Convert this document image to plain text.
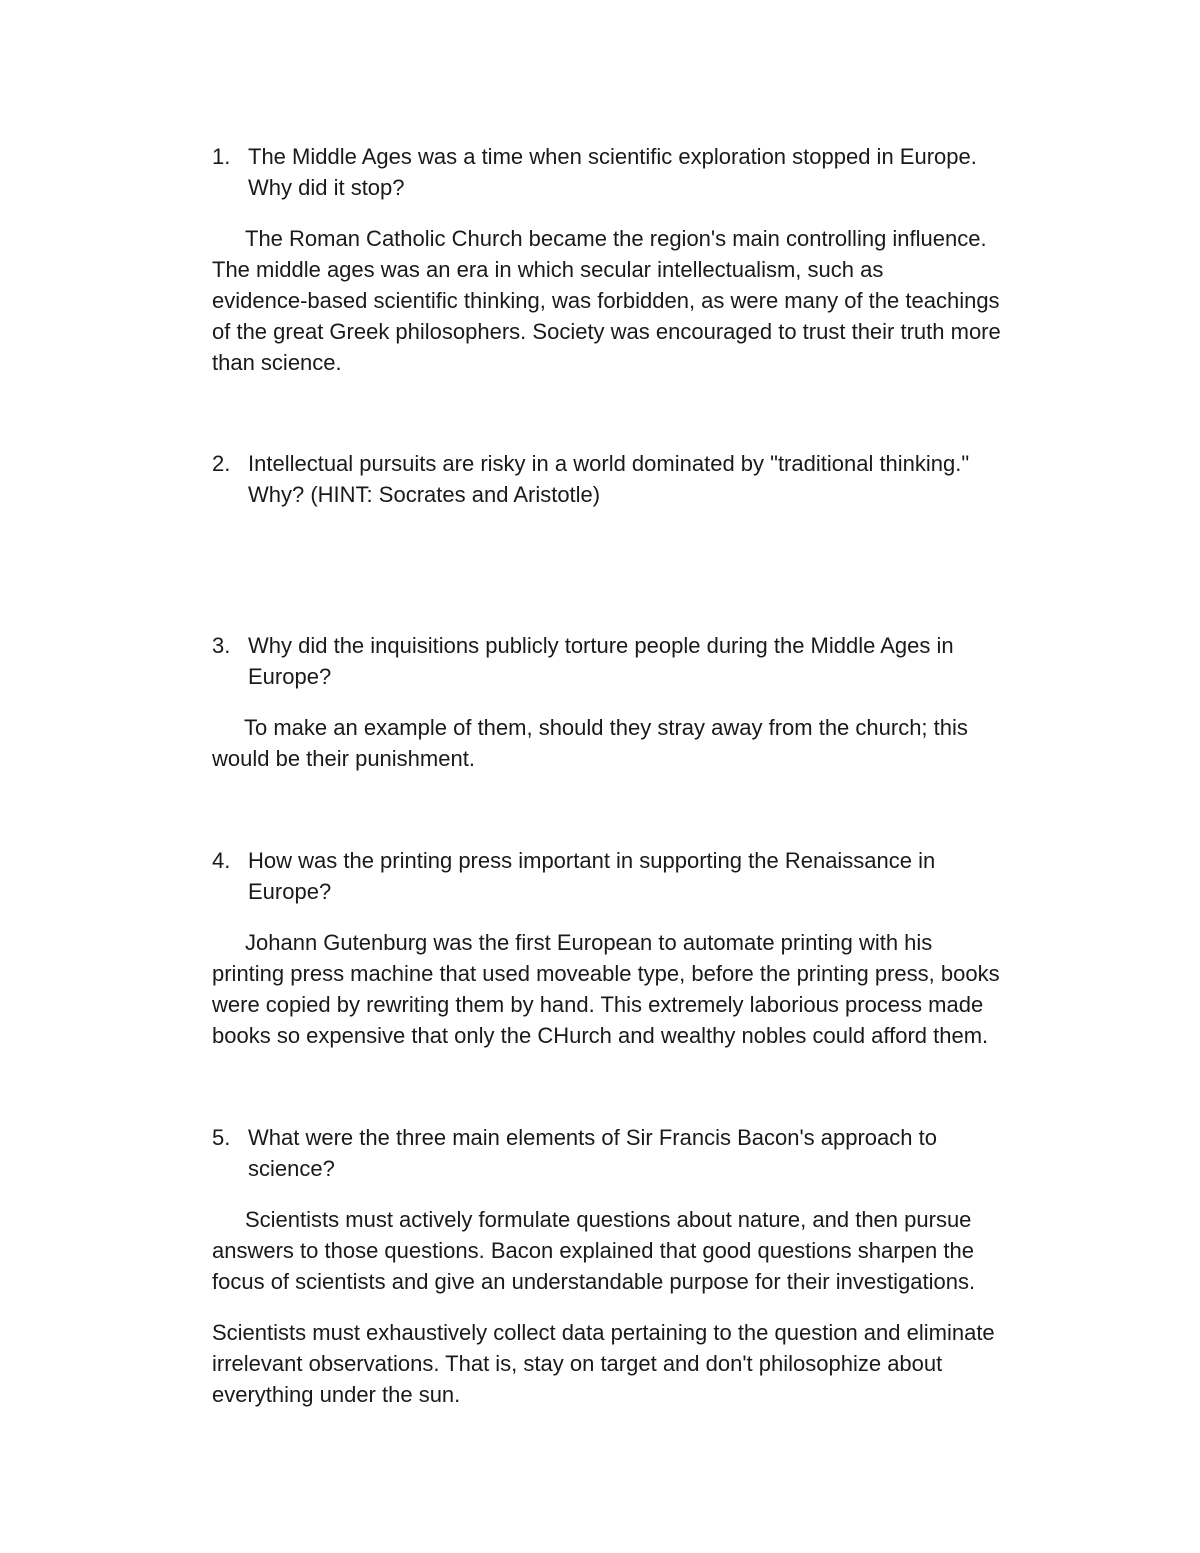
1. The Middle Ages was a time when scientific exploration stopped in Europe.
Why did it stop?
The Roman Catholic Church became the region's main controlling influence.
The middle ages was an era in which secular intellectualism, such as
evidence-based scientific thinking, was forbidden, as were many of the teachings
of the great Greek philosophers. Society was encouraged to trust their truth more
than science.
2. Intellectual pursuits are risky in a world dominated by "traditional thinking."
Why? (HINT: Socrates and Aristotle)
3. Why did the inquisitions publicly torture people during the Middle Ages in
Europe?
To make an example of them, should they stray away from the church; this
would be their punishment.
4. How was the printing press important in supporting the Renaissance in
Europe?
Johann Gutenburg was the first European to automate printing with his
printing press machine that used moveable type, before the printing press, books
were copied by rewriting them by hand. This extremely laborious process made
books so expensive that only the CHurch and wealthy nobles could afford them.
5. What were the three main elements of Sir Francis Bacon's approach to
science?
Scientists must actively formulate questions about nature, and then pursue
answers to those questions. Bacon explained that good questions sharpen the
focus of scientists and give an understandable purpose for their investigations.
Scientists must exhaustively collect data pertaining to the question and eliminate
irrelevant observations. That is, stay on target and don't philosophize about
everything under the sun.
